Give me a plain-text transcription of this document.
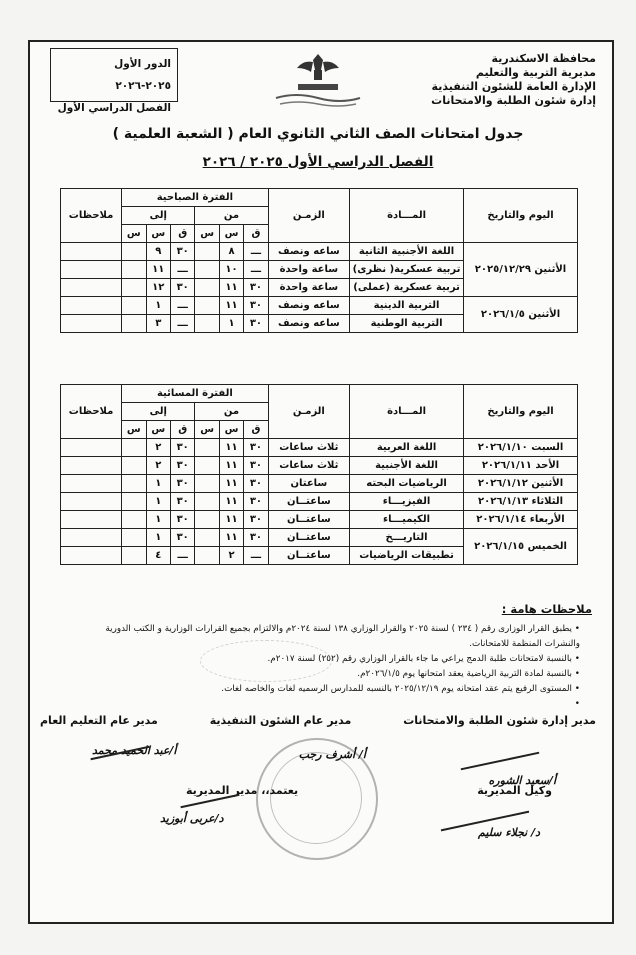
محافظة الاسكندرية
مديرية التربية والتعليم
الإدارة العامة للشئون التنفيذية
إدارة شئون الطلبة والامتحانات
الدور الأول ٢٠٢٥-٢٠٢٦
الفصل الدراسي الأول
جدول امتحانات الصف الثاني الثانوي العام ( الشعبة العلمية )
الفصل الدراسي الأول ٢٠٢٥ / ٢٠٢٦
اليوم والتاريخ	المـــادة	الزمـن	الفترة الصباحية						ملاحظات
			من			إلى			
			ق	س	س	ق	س	س	
الأثنين ٢٠٢٥/١٢/٢٩	اللغة الأجنبية الثانية	ساعه ونصف	ـــ	٨		٣٠	٩		
	تربية عسكرية( نظرى)	ساعة واحدة	ـــ	١٠		ـــ	١١		
	تربية عسكرية (عملى)	ساعة واحدة	٣٠	١١		٣٠	١٢		
الأثنين ٢٠٢٦/١/٥	التربية الدينية	ساعه ونصف	٣٠	١١		ـــ	١		
	التربية الوطنية	ساعه ونصف	٣٠	١		ـــ	٣		
اليوم والتاريخ	المـــادة	الزمـن	الفترة المسائية						ملاحظات
			من			إلى			
			ق	س	س	ق	س	س	
السبت ٢٠٢٦/١/١٠	اللغة العربية	ثلاث ساعات	٣٠	١١		٣٠	٢		
الأحد ٢٠٢٦/١/١١	اللغة الأجنبية	ثلاث ساعات	٣٠	١١		٣٠	٢		
الأثنين ٢٠٢٦/١/١٢	الرياضيات البحته	ساعتان	٣٠	١١		٣٠	١		
الثلاثاء ٢٠٢٦/١/١٣	الفيزيـــاء	ساعتــان	٣٠	١١		٣٠	١		
الأربعاء ٢٠٢٦/١/١٤	الكيميـــاء	ساعتــان	٣٠	١١		٣٠	١		
الخميس ٢٠٢٦/١/١٥	التاريـــخ	ساعتــان	٣٠	١١		٣٠	١		
	تطبيقات الرياضيات	ساعتــان	ـــ	٢		ـــ	٤		
ملاحظات هامة :
• يطبق القرار الوزارى رقم ( ٢٣٤ ) لسنة ٢٠٢٥ والقرار الوزاري ١٣٨ لسنة ٢٠٢٤م والالتزام بجميع القرارات الوزارية و الكتب الدورية والنشرات المنظمة للامتحانات.
• بالنسبة لامتحانات طلبة الدمج يراعي ما جاء بالقرار الوزاري رقم (٢٥٢) لسنة ٢٠١٧م.
• بالنسبة لمادة التربية الرياضية يعقد امتحانها يوم ٢٠٢٦/١/٥م.
• المستوى الرفيع يتم عقد امتحانه يوم ٢٠٢٥/١٢/١٩ بالنسبه للمدارس الرسميه لغات والخاصه لغات.
•
مدير إدارة شئون الطلبة والامتحانات
مدير عام الشئون التنفيذية
مدير عام التعليم العام
أ/سعيد الشوره
أ/ أشرف رجب
أ/عبد الحميد محمد
يعتمد،، مدير المديرية
د/عربى أبوزيد
وكيل المديرية
د/ نجلاء سليم
